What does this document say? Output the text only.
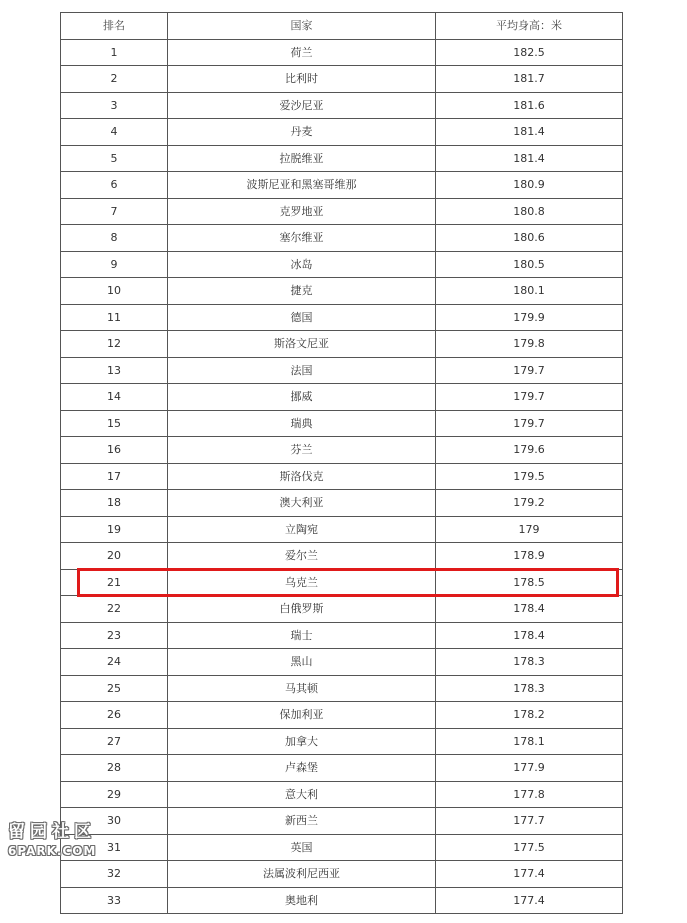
排名	国家	平均身高：米
1	荷兰	182.5
2	比利时	181.7
3	爱沙尼亚	181.6
4	丹麦	181.4
5	拉脱维亚	181.4
6	波斯尼亚和黑塞哥维那	180.9
7	克罗地亚	180.8
8	塞尔维亚	180.6
9	冰岛	180.5
10	捷克	180.1
11	德国	179.9
12	斯洛文尼亚	179.8
13	法国	179.7
14	挪威	179.7
15	瑞典	179.7
16	芬兰	179.6
17	斯洛伐克	179.5
18	澳大利亚	179.2
19	立陶宛	179
20	爱尔兰	178.9
21	乌克兰	178.5
22	白俄罗斯	178.4
23	瑞士	178.4
24	黑山	178.3
25	马其顿	178.3
26	保加利亚	178.2
27	加拿大	178.1
28	卢森堡	177.9
29	意大利	177.8
30	新西兰	177.7
31	英国	177.5
32	法属波利尼西亚	177.4
33	奥地利	177.4
留园社区
6PARK.COM
